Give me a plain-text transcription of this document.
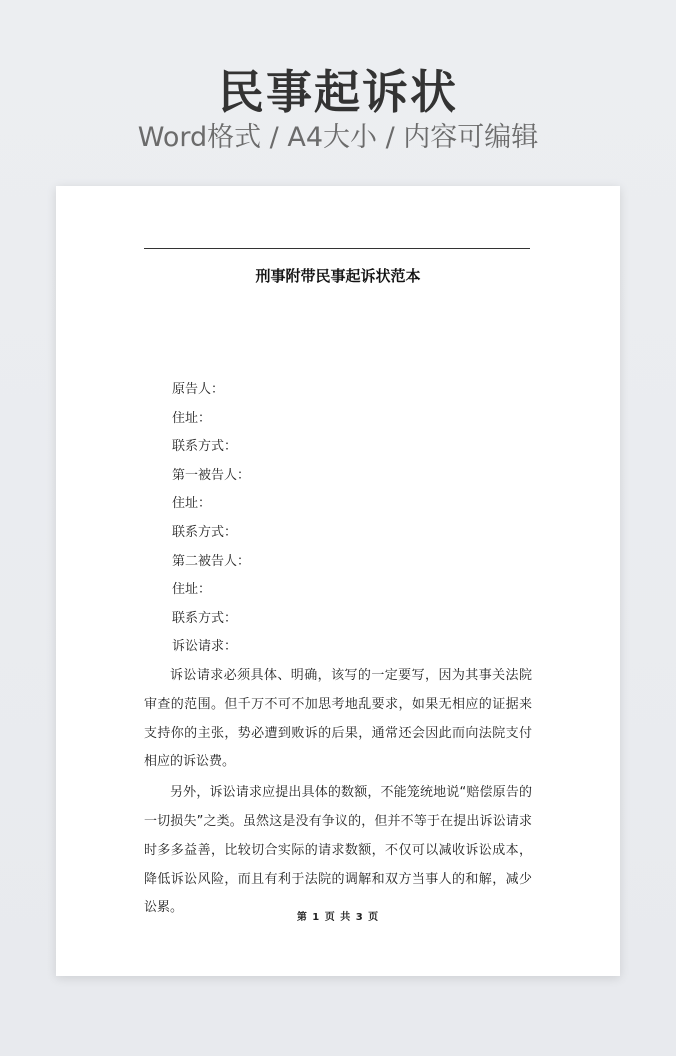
民事起诉状
Word格式 / A4大小 / 内容可编辑
刑事附带民事起诉状范本
原告人：
住址：
联系方式：
第一被告人：
住址：
联系方式：
第二被告人：
住址：
联系方式：
诉讼请求：

诉讼请求必须具体、明确，该写的一定要写，因为其事关法院审查的范围。但千万不可不加思考地乱要求，如果无相应的证据来支持你的主张，势必遭到败诉的后果，通常还会因此而向法院支付相应的诉讼费。

另外，诉讼请求应提出具体的数额，不能笼统地说“赔偿原告的一切损失”之类。虽然这是没有争议的，但并不等于在提出诉讼请求时多多益善，比较切合实际的请求数额，不仅可以减收诉讼成本，降低诉讼风险，而且有利于法院的调解和双方当事人的和解，减少讼累。

第 1 页 共 3 页
